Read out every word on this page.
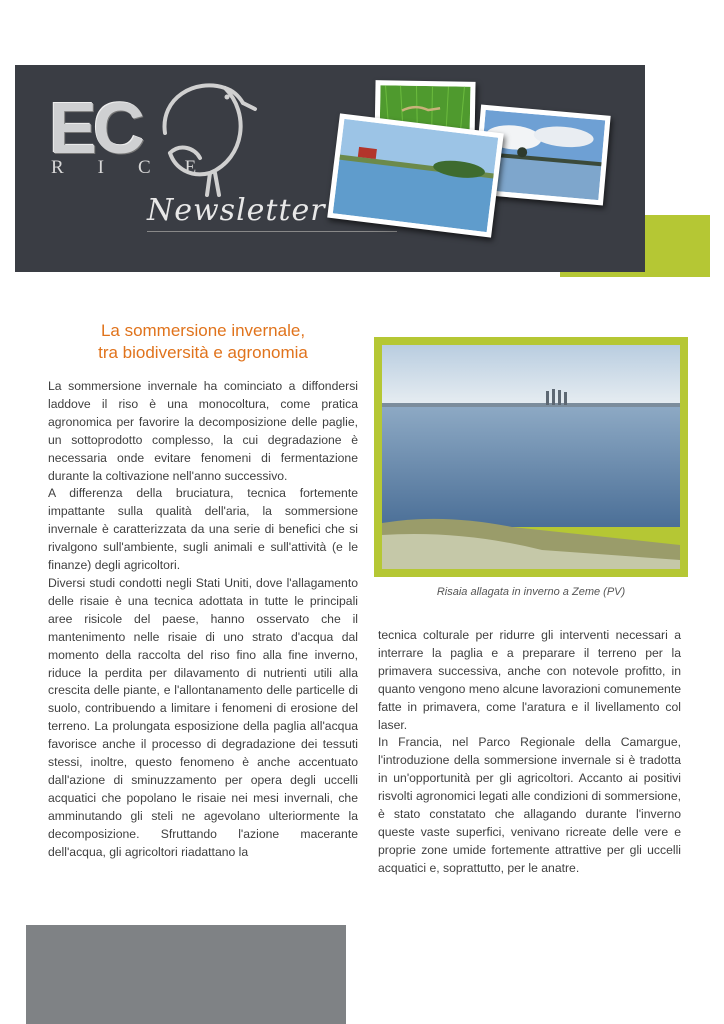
EC
RICE
Newsletter
La sommersione invernale,
tra biodiversità e agronomia

La sommersione invernale ha cominciato a diffondersi laddove il riso è una monocoltura, come pratica agronomica per favorire la decomposizione delle paglie, un sottoprodotto complesso, la cui degradazione è necessaria onde evitare fenomeni di fermentazione durante la coltivazione nell'anno successivo.

A differenza della bruciatura, tecnica fortemente impattante sulla qualità dell'aria, la sommersione invernale è caratterizzata da una serie di benefici che si rivalgono sull'ambiente, sugli animali e sull'attività (e le finanze) degli agricoltori.

Diversi studi condotti negli Stati Uniti, dove l'allagamento delle risaie è una tecnica adottata in tutte le principali aree risicole del paese, hanno osservato che il mantenimento nelle risaie di uno strato d'acqua dal momento della raccolta del riso fino alla fine inverno, riduce la perdita per dilavamento di nutrienti utili alla crescita delle piante, e l'allontanamento delle particelle di suolo, contribuendo a limitare i fenomeni di erosione del terreno. La prolungata esposizione della paglia all'acqua favorisce anche il processo di degradazione dei tessuti stessi, inoltre, questo fenomeno è anche accentuato dall'azione di sminuzzamento per opera degli uccelli acquatici che popolano le risaie nei mesi invernali, che amminutando gli steli ne agevolano ulteriormente la decomposizione. Sfruttando l'azione macerante dell'acqua, gli agricoltori riadattano la

Risaia allagata in inverno a Zeme (PV)

tecnica colturale per ridurre gli interventi necessari a interrare la paglia e a preparare il terreno per la primavera successiva, anche con notevole profitto, in quanto vengono meno alcune lavorazioni comunemente fatte in primavera, come l'aratura e il livellamento col laser.

In Francia, nel Parco Regionale della Camargue, l'introduzione della sommersione invernale si è tradotta in un'opportunità per gli agricoltori. Accanto ai positivi risvolti agronomici legati alle condizioni di sommersione, è stato constatato che allagando durante l'inverno queste vaste superfici, venivano ricreate delle vere e proprie zone umide fortemente attrattive per gli uccelli acquatici e, soprattutto, per le anatre.
